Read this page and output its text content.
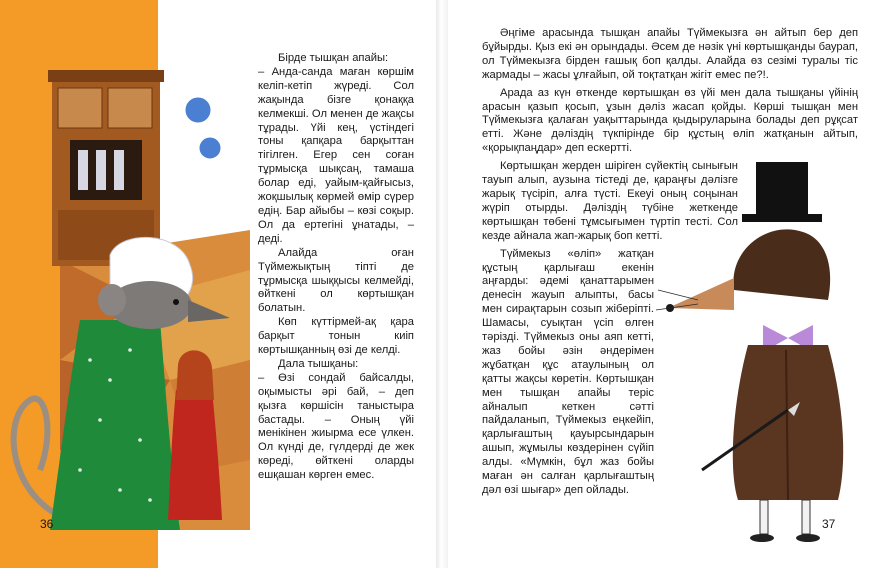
Бірде тышқан апайы:

– Анда-санда маған көршім келіп-кетіп жүреді. Сол жақында бізге қонаққа келмекші. Ол менен де жақсы тұрады. Үйі кең, үстіндегі тоны қапқара барқыттан тігілген. Егер сен соған тұрмысқа шықсаң, тамаша болар еді, уайым-қайғысыз, жоқшылық көрмей өмір сүрер едің. Бар айыбы – көзі соқыр. Ол да ертегіні ұнатады, – деді.

Алайда оған Түймежықтың тіпті де тұрмысқа шыққысы келмейді, өйткені ол көртышқан болатын.

Көп күттірмей-ақ қара барқыт тонын киіп көртышқанның өзі де келді.

Дала тышқаны:

– Өзі сондай байсалды, оқымысты әрі бай, – деп қызға көршісін таныстыра бастады. – Оның үйі менікінен жиырма есе үлкен. Ол күнді де, гүлдерді де жек көреді, өйткені оларды ешқашан көрген емес.

36

Әңгіме арасында тышқан апайы Түймекызға ән айтып бер деп бұйырды. Қыз екі ән орындады. Әсем де нәзік үні көртышқанды баурап, ол Түймекызға бірден ғашық боп қалды. Алайда өз сезімі туралы тіс жармады – жасы ұлғайып, ой тоқтатқан жігіт емес пе?!.

Арада аз күн өткенде көртышқан өз үйі мен дала тышқаны үйінің арасын қазып қосып, ұзын дәліз жасап қойды. Көрші тышқан мен Түймекызға қалаған уақыттарында қыдыруларына болады деп рұқсат етті. Және дәліздің түкпірінде бір құстың өліп жатқанын айтып, «қорықпаңдар» деп ескертті.

Көртышқан жерден шіріген сүйектің сынығын тауып алып, аузына тістеді де, қараңғы дәлізге жарық түсіріп, алға түсті. Екеуі оның соңынан жүріп отырды. Дәліздің түбіне жеткенде көртышқан төбені тұмсығымен түртіп тесті. Сол кезде айнала жап-жарық боп кетті.

Түймекыз «өліп» жатқан құстың қарлығаш екенін аңғарды: әдемі қанаттарымен денесін жауып алыпты, басы мен сирақтарын созып жіберіпті. Шамасы, суықтан үсіп өлген тәрізді. Түймекыз оны аяп кетті, жаз бойы әзін әндерімен жұбатқан құс атаулының ол қатты жақсы көретін. Көртышқан мен тышқан апайы теріс айналып кеткен сәтті пайдаланып, Түймекыз еңкейіп, қарлығаштың қауырсындарын ашып, жұмылы көздерінен сүйіп алды. «Мүмкін, бұл жаз бойы маған ән салған қарлығаштың дәл өзі шығар» деп ойлады.

37
